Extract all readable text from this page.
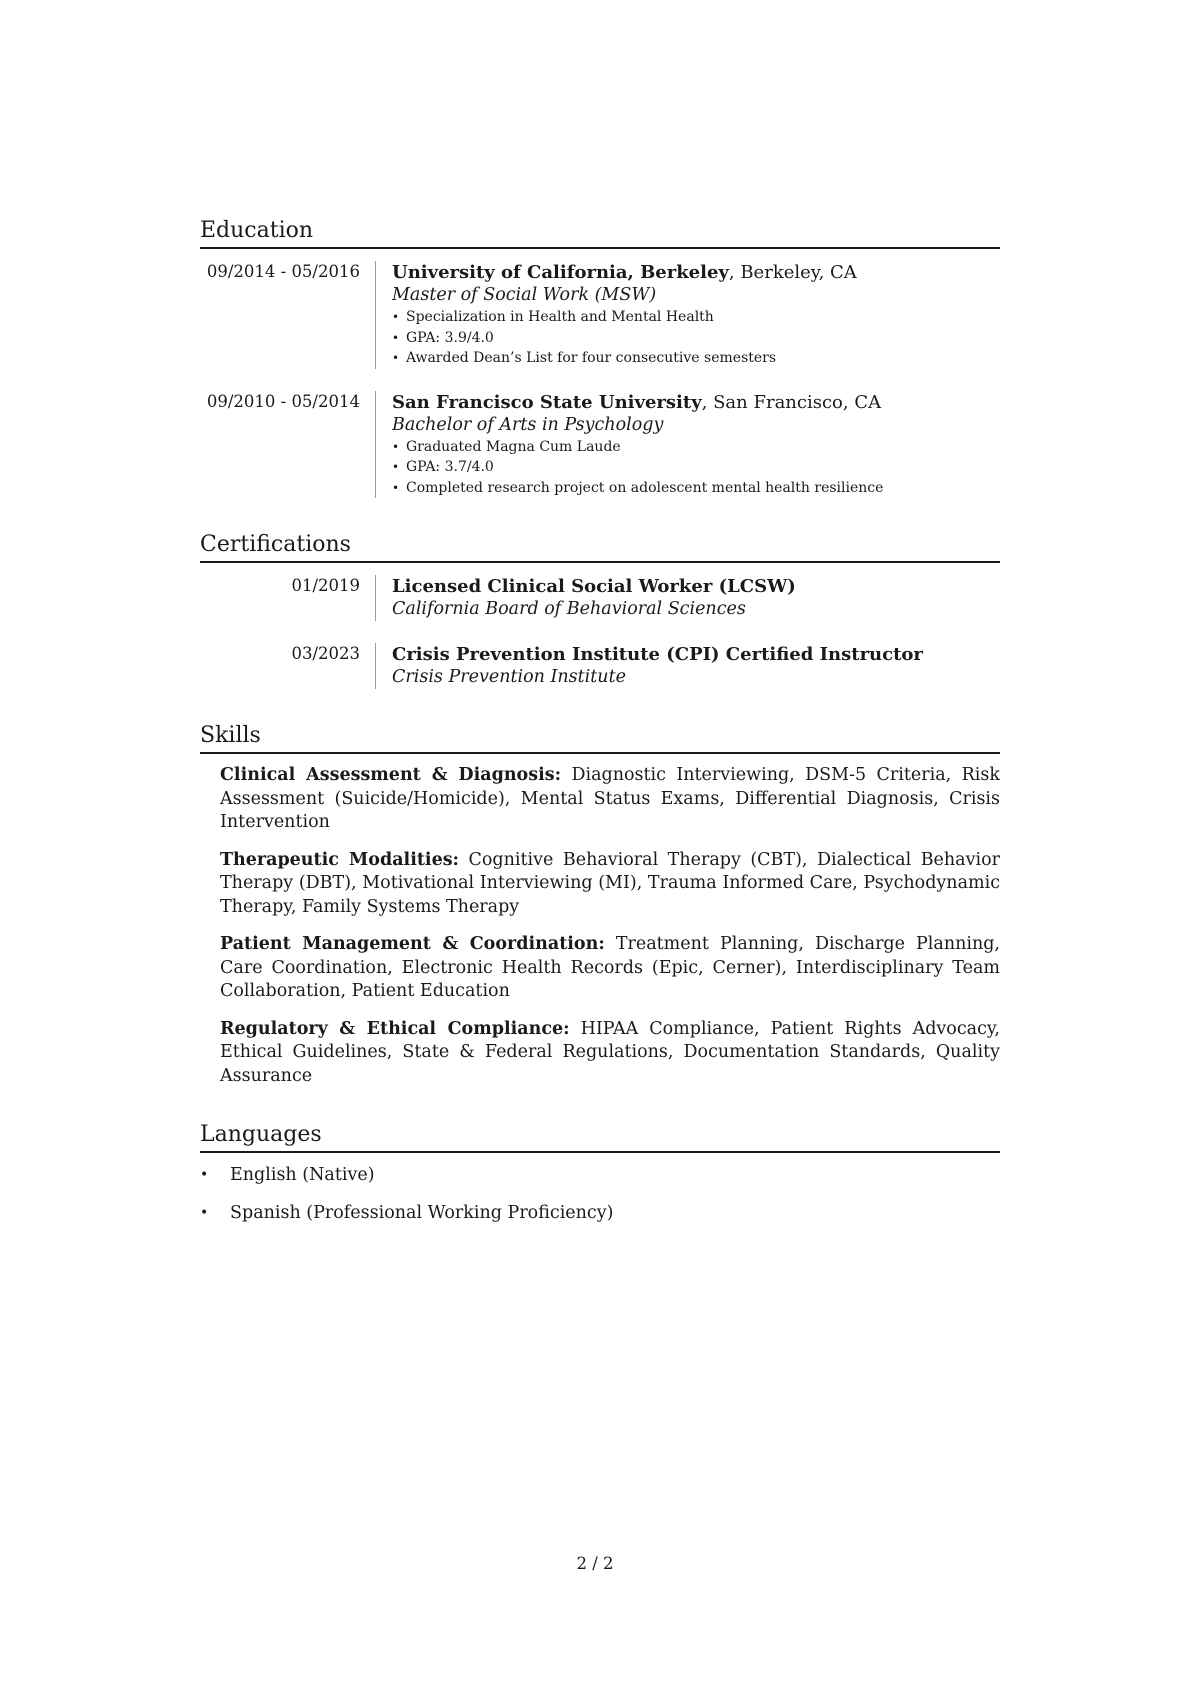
Education
09/2014 - 05/2016	University of California, Berkeley, Berkeley, CA
Master of Social Work (MSW)
• Specialization in Health and Mental Health
• GPA: 3.9/4.0
• Awarded Dean’s List for four consecutive semesters
09/2010 - 05/2014	San Francisco State University, San Francisco, CA
Bachelor of Arts in Psychology
• Graduated Magna Cum Laude
• GPA: 3.7/4.0
• Completed research project on adolescent mental health resilience
Certifications
01/2019	Licensed Clinical Social Worker (LCSW)
California Board of Behavioral Sciences
03/2023	Crisis Prevention Institute (CPI) Certified Instructor
Crisis Prevention Institute
Skills

Clinical Assessment & Diagnosis: Diagnostic Interviewing, DSM-5 Criteria, Risk Assessment (Suicide/Homicide), Mental Status Exams, Differential Diagnosis, Crisis Intervention

Therapeutic Modalities: Cognitive Behavioral Therapy (CBT), Dialectical Behavior Therapy (DBT), Motivational Interviewing (MI), Trauma Informed Care, Psychodynamic Therapy, Family Systems Therapy

Patient Management & Coordination: Treatment Planning, Discharge Planning, Care Coordination, Electronic Health Records (Epic, Cerner), Interdisciplinary Team Collaboration, Patient Education

Regulatory & Ethical Compliance: HIPAA Compliance, Patient Rights Advocacy, Ethical Guidelines, State & Federal Regulations, Documentation Standards, Quality Assurance

Languages
• English (Native)
• Spanish (Professional Working Proficiency)
2 / 2
